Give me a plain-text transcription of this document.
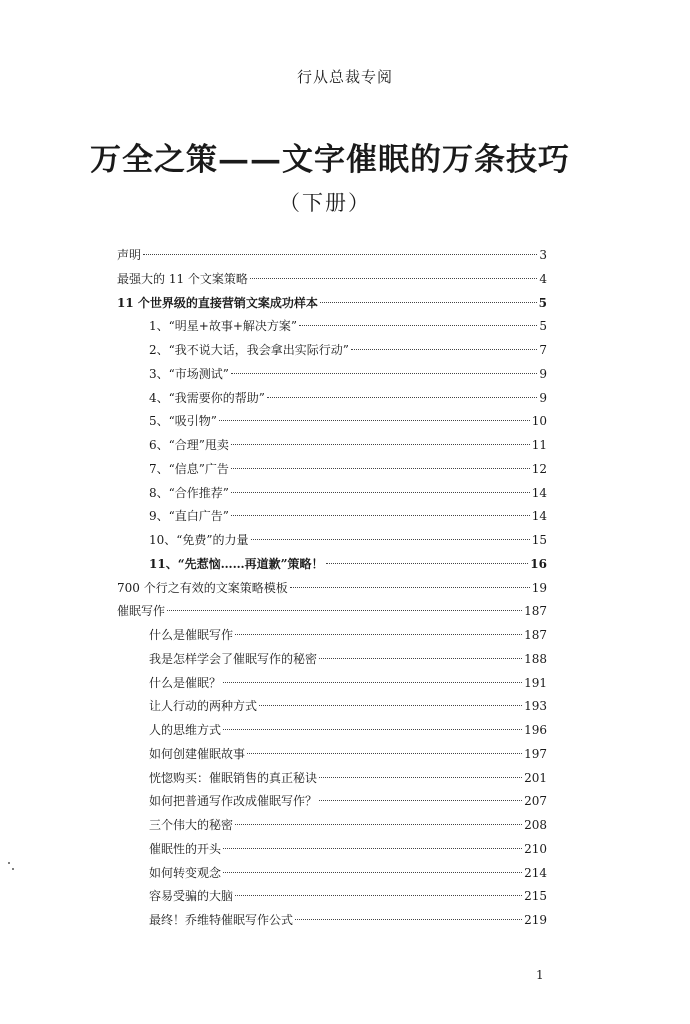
行从总裁专阅
万全之策——文字催眠的万条技巧
（下册）
声明	3
最强大的 11 个文案策略	4
11 个世界级的直接营销文案成功样本	5
1、“明星+故事+解决方案”	5
2、“我不说大话，我会拿出实际行动”	7
3、“市场测试”	9
4、“我需要你的帮助”	9
5、“吸引物”	10
6、“合理”甩卖	11
7、“信息”广告	12
8、“合作推荐”	14
9、“直白广告”	14
10、“免费”的力量	15
11、“先惹恼……再道歉”策略！	16
700 个行之有效的文案策略模板	19
催眠写作	187
什么是催眠写作	187
我是怎样学会了催眠写作的秘密	188
什么是催眠？	191
让人行动的两种方式	193
人的思维方式	196
如何创建催眠故事	197
恍惚购买：催眠销售的真正秘诀	201
如何把普通写作改成催眠写作？	207
三个伟大的秘密	208
催眠性的开头	210
如何转变观念	214
容易受骗的大脑	215
最终！乔维特催眠写作公式	219
1
